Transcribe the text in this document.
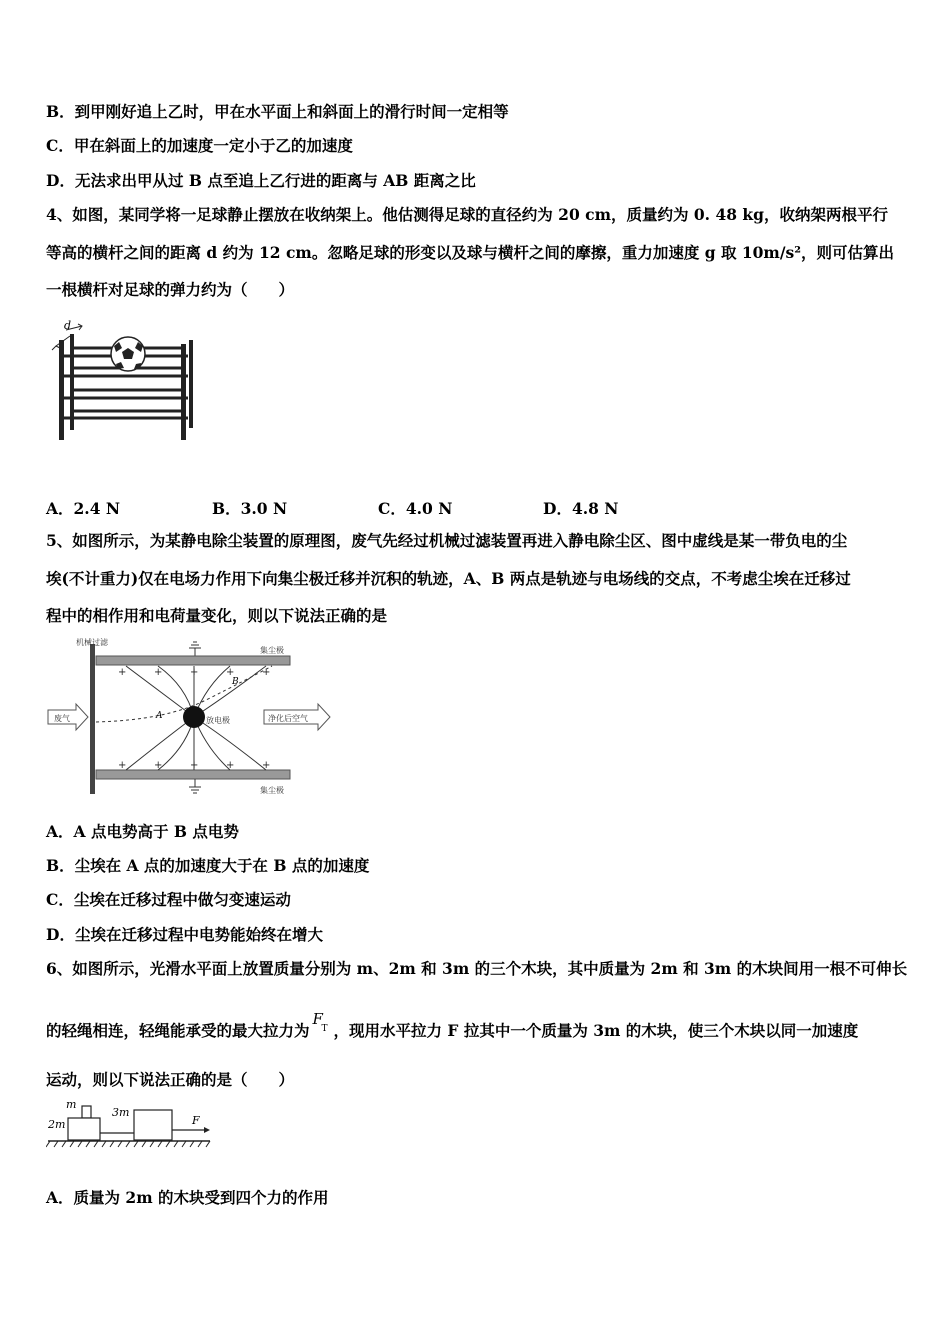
B．到甲刚好追上乙时，甲在水平面上和斜面上的滑行时间一定相等
C．甲在斜面上的加速度一定小于乙的加速度
D．无法求出甲从过 B 点至追上乙行进的距离与 AB 距离之比
4、如图，某同学将一足球静止摆放在收纳架上。他估测得足球的直径约为 20 cm，质量约为 0. 48 kg，收纳架两根平行
等高的横杆之间的距离 d 约为 12 cm。忽略足球的形变以及球与横杆之间的摩擦，重力加速度 g 取 10m/s²，则可估算出
一根横杆对足球的弹力约为（　　）
d
A．2.4 N	B．3.0 N	C．4.0 N	D．4.8 N
5、如图所示，为某静电除尘装置的原理图，废气先经过机械过滤装置再进入静电除尘区、图中虚线是某一带负电的尘
埃(不计重力)仅在电场力作用下向集尘极迁移并沉积的轨迹，A、B 两点是轨迹与电场线的交点，不考虑尘埃在迁移过
程中的相作用和电荷量变化，则以下说法正确的是
机械过滤
集尘极
集尘极
+	+	+	+	+
+	+	+	+	+
A
B
放电极
废气	净化后空气
A．A 点电势高于 B 点电势
B．尘埃在 A 点的加速度大于在 B 点的加速度
C．尘埃在迁移过程中做匀变速运动
D．尘埃在迁移过程中电势能始终在增大
6、如图所示，光滑水平面上放置质量分别为 m、2m 和 3m 的三个木块，其中质量为 2m 和 3m 的木块间用一根不可伸长
的轻绳相连，轻绳能承受的最大拉力为
F
T ，现用水平拉力 F 拉其中一个质量为 3m 的木块，使三个木块以同一加速度
运动，则以下说法正确的是（　　）
m
2m
3m
F
A．质量为 2m 的木块受到四个力的作用
